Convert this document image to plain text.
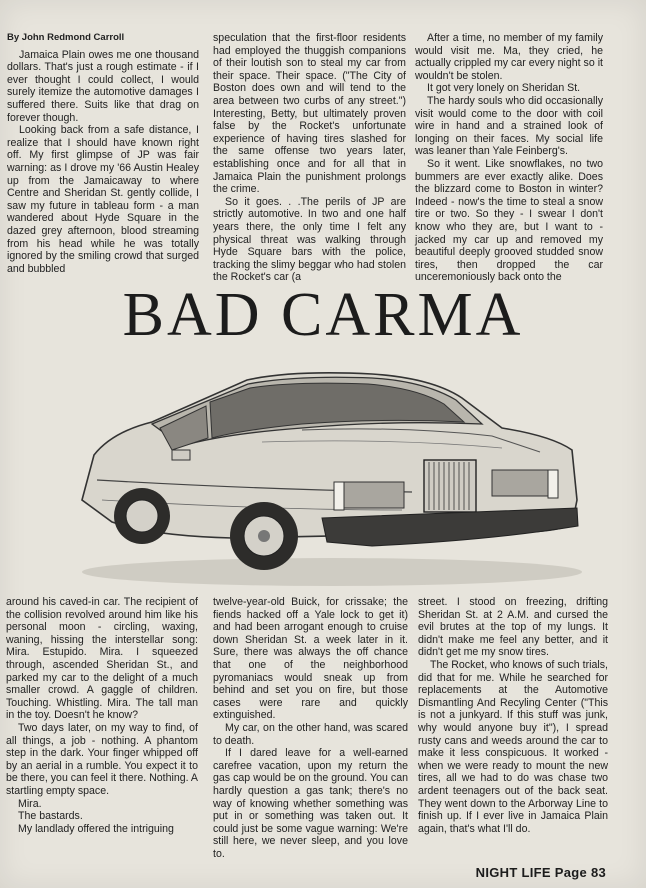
By John Redmond Carroll

Jamaica Plain owes me one thousand dollars. That's just a rough estimate - if I ever thought I could collect, I would surely itemize the automotive damages I suffered there. Suits like that drag on forever though.

Looking back from a safe distance, I realize that I should have known right off. My first glimpse of JP was fair warning: as I drove my '66 Austin Healey up from the Jamaicaway to where Centre and Sheridan St. gently collide, I saw my future in tableau form - a man wandered about Hyde Square in the dazed grey afternoon, blood streaming from his head while he was totally ignored by the smiling crowd that surged and bubbled

speculation that the first-floor residents had employed the thuggish companions of their loutish son to steal my car from their space. Their space. ("The City of Boston does own and will tend to the area between two curbs of any street.") Interesting, Betty, but ultimately proven false by the Rocket's unfortunate experience of having tires slashed for the same offense two years later, establishing once and for all that in Jamaica Plain the punishment prolongs the crime.

So it goes. . .The perils of JP are strictly automotive. In two and one half years there, the only time I felt any physical threat was walking through Hyde Square bars with the police, tracking the slimy beggar who had stolen the Rocket's car (a

After a time, no member of my family would visit me. Ma, they cried, he actually crippled my car every night so it wouldn't be stolen.

It got very lonely on Sheridan St.

The hardy souls who did occasionally visit would come to the door with coil wire in hand and a strained look of longing on their faces. My social life was leaner than Yale Feinberg's.

So it went. Like snowflakes, no two bummers are ever exactly alike. Does the blizzard come to Boston in winter? Indeed - now's the time to steal a snow tire or two. So they - I swear I don't know who they are, but I want to - jacked my car up and removed my beautiful deeply grooved studded snow tires, then dropped the car unceremoniously back onto the

BAD CARMA

around his caved-in car. The recipient of the collision revolved around him like his personal moon - circling, waxing, waning, hissing the interstellar song: Mira. Estupido. Mira. I squeezed through, ascended Sheridan St., and parked my car to the delight of a much smaller crowd. A gaggle of children. Touching. Whistling. Mira. The tall man in the toy. Doesn't he know?

Two days later, on my way to find, of all things, a job - nothing. A phantom step in the dark. Your finger whipped off by an aerial in a rumble. You expect it to be there, you can feel it there. Nothing. A startling empty space.

Mira.

The bastards.

My landlady offered the intriguing

twelve-year-old Buick, for crissake; the fiends hacked off a Yale lock to get it) and had been arrogant enough to cruise down Sheridan St. a week later in it. Sure, there was always the off chance that one of the neighborhood pyromaniacs would sneak up from behind and set you on fire, but those cases were rare and quickly extinguished.

My car, on the other hand, was scared to death.

If I dared leave for a well-earned carefree vacation, upon my return the gas cap would be on the ground. You can hardly question a gas tank; there's no way of knowing whether something was put in or something was taken out. It could just be some vague warning: We're still here, we never sleep, and you love to.

street. I stood on freezing, drifting Sheridan St. at 2 A.M. and cursed the evil brutes at the top of my lungs. It didn't make me feel any better, and it didn't get me my snow tires.

The Rocket, who knows of such trials, did that for me. While he searched for replacements at the Automotive Dismantling And Recyling Center ("This is not a junkyard. If this stuff was junk, why would anyone buy it"), I spread rusty cans and weeds around the car to make it less conspicuous. It worked - when we were ready to mount the new tires, all we had to do was chase two ardent teenagers out of the back seat. They went down to the Arborway Line to finish up. If I ever live in Jamaica Plain again, that's what I'll do.

NIGHT LIFE Page 83
